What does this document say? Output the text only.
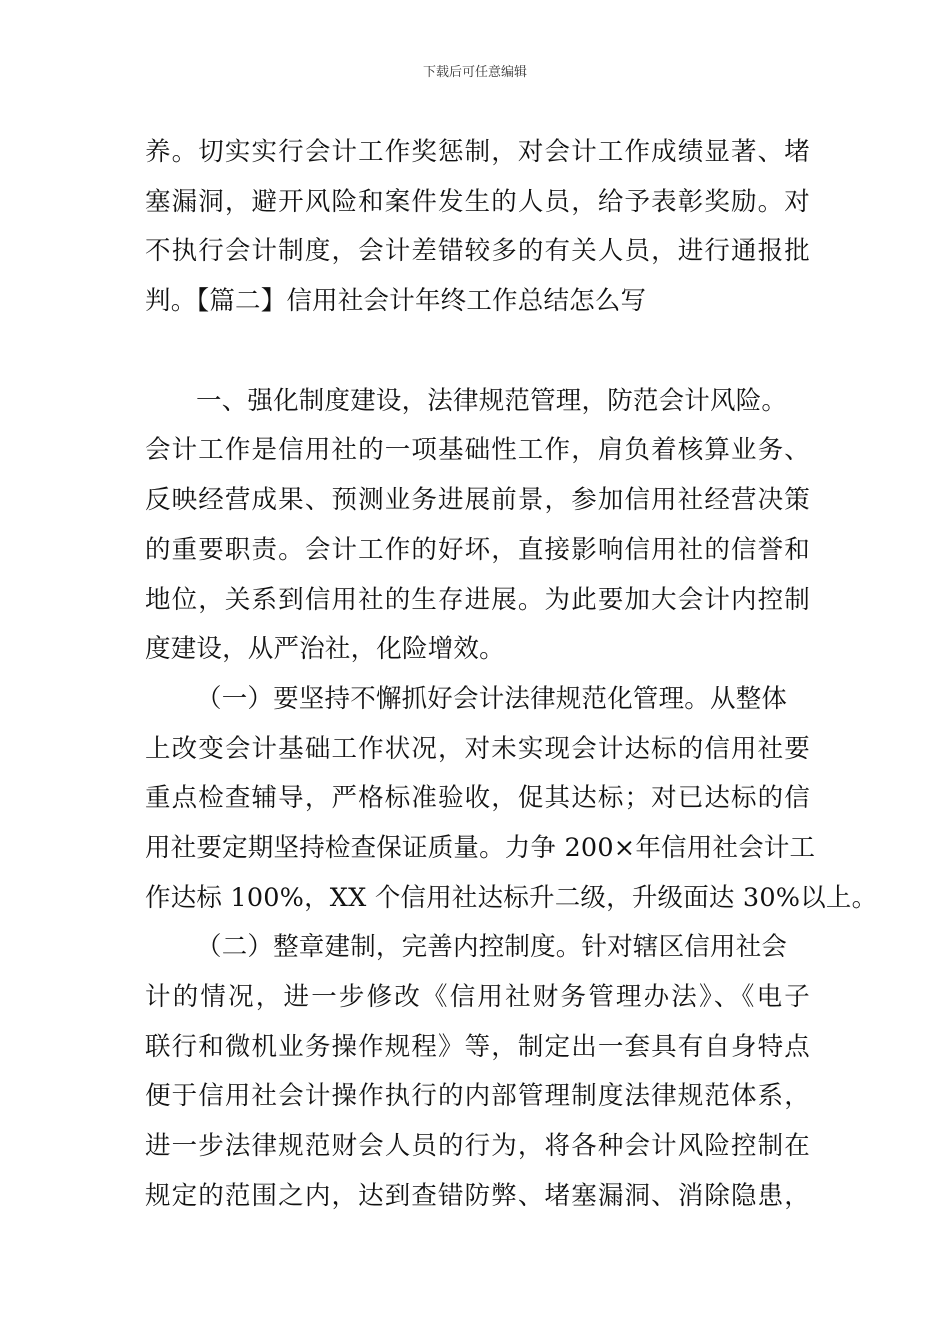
下载后可任意编辑
养。切实实行会计工作奖惩制，对会计工作成绩显著、堵
塞漏洞，避开风险和案件发生的人员，给予表彰奖励。对
不执行会计制度，会计差错较多的有关人员，进行通报批
判。【篇二】信用社会计年终工作总结怎么写
一、强化制度建设，法律规范管理，防范会计风险。
会计工作是信用社的一项基础性工作，肩负着核算业务、
反映经营成果、预测业务进展前景，参加信用社经营决策
的重要职责。会计工作的好坏，直接影响信用社的信誉和
地位，关系到信用社的生存进展。为此要加大会计内控制
度建设，从严治社，化险增效。
（一）要坚持不懈抓好会计法律规范化管理。从整体
上改变会计基础工作状况，对未实现会计达标的信用社要
重点检查辅导，严格标准验收，促其达标；对已达标的信
用社要定期坚持检查保证质量。力争 200×年信用社会计工
作达标 100%，XX 个信用社达标升二级，升级面达 30%以上。
（二）整章建制，完善内控制度。针对辖区信用社会
计的情况，进一步修改《信用社财务管理办法》、《电子
联行和微机业务操作规程》等，制定出一套具有自身特点
便于信用社会计操作执行的内部管理制度法律规范体系，
进一步法律规范财会人员的行为，将各种会计风险控制在
规定的范围之内，达到查错防弊、堵塞漏洞、消除隐患，
